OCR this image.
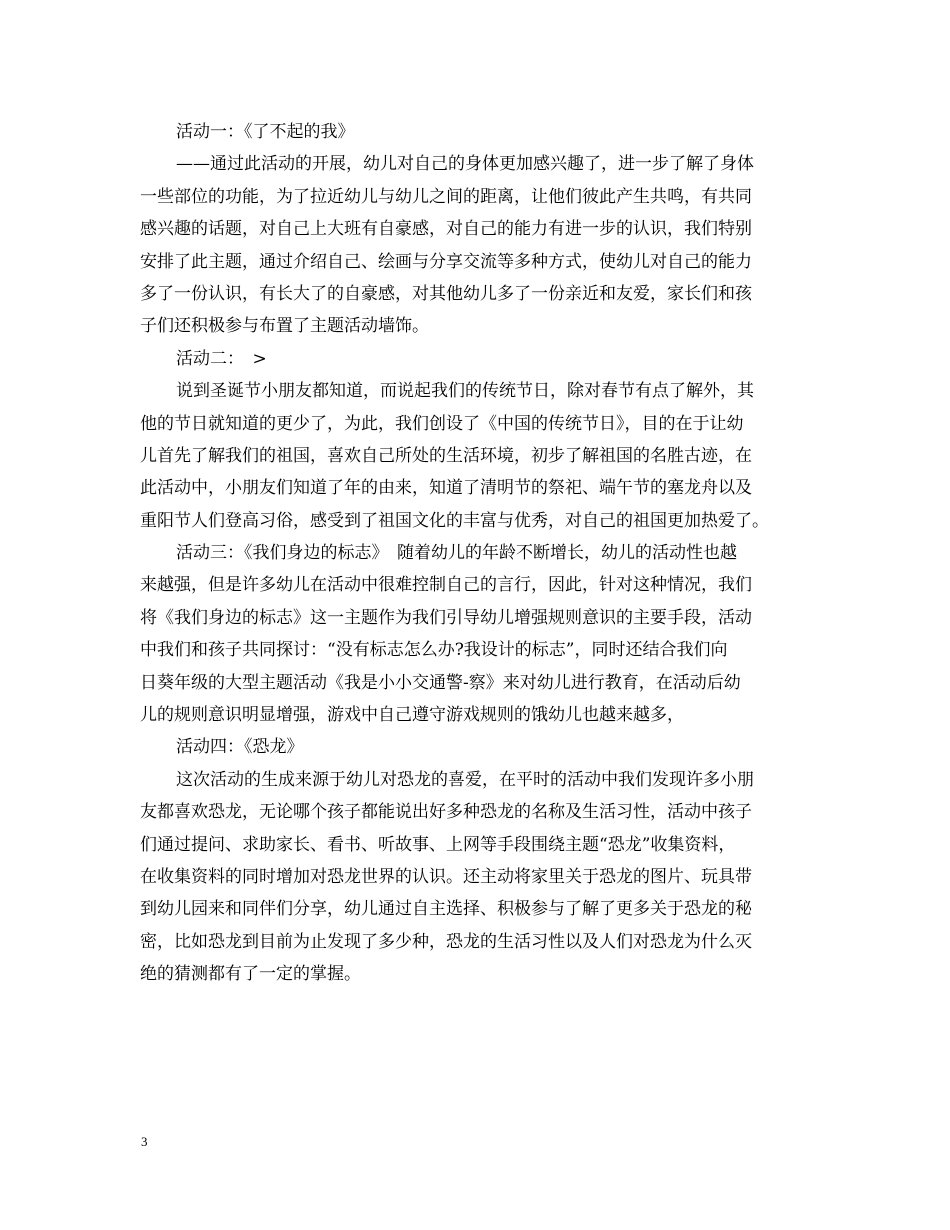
活动一：《了不起的我》
——通过此活动的开展，幼儿对自己的身体更加感兴趣了，进一步了解了身体
一些部位的功能，为了拉近幼儿与幼儿之间的距离，让他们彼此产生共鸣，有共同
感兴趣的话题，对自己上大班有自豪感，对自己的能力有进一步的认识，我们特别
安排了此主题，通过介绍自己、绘画与分享交流等多种方式，使幼儿对自己的能力
多了一份认识，有长大了的自豪感，对其他幼儿多了一份亲近和友爱，家长们和孩
子们还积极参与布置了主题活动墙饰。
活动二：　>
说到圣诞节小朋友都知道，而说起我们的传统节日，除对春节有点了解外，其
他的节日就知道的更少了，为此，我们创设了《中国的传统节日》，目的在于让幼
儿首先了解我们的祖国，喜欢自己所处的生活环境，初步了解祖国的名胜古迹，在
此活动中，小朋友们知道了年的由来，知道了清明节的祭祀、端午节的塞龙舟以及
重阳节人们登高习俗，感受到了祖国文化的丰富与优秀，对自己的祖国更加热爱了。
活动三：《我们身边的标志》　随着幼儿的年龄不断增长，幼儿的活动性也越
来越强，但是许多幼儿在活动中很难控制自己的言行，因此，针对这种情况，我们
将《我们身边的标志》这一主题作为我们引导幼儿增强规则意识的主要手段，活动
中我们和孩子共同探讨：“没有标志怎么办?我设计的标志”，同时还结合我们向
日葵年级的大型主题活动《我是小小交通警-察》来对幼儿进行教育，在活动后幼
儿的规则意识明显增强，游戏中自己遵守游戏规则的饿幼儿也越来越多，
活动四：《恐龙》
这次活动的生成来源于幼儿对恐龙的喜爱，在平时的活动中我们发现许多小朋
友都喜欢恐龙，无论哪个孩子都能说出好多种恐龙的名称及生活习性，活动中孩子
们通过提问、求助家长、看书、听故事、上网等手段围绕主题“恐龙”收集资料，
在收集资料的同时增加对恐龙世界的认识。还主动将家里关于恐龙的图片、玩具带
到幼儿园来和同伴们分享，幼儿通过自主选择、积极参与了解了更多关于恐龙的秘
密，比如恐龙到目前为止发现了多少种，恐龙的生活习性以及人们对恐龙为什么灭
绝的猜测都有了一定的掌握。
3
